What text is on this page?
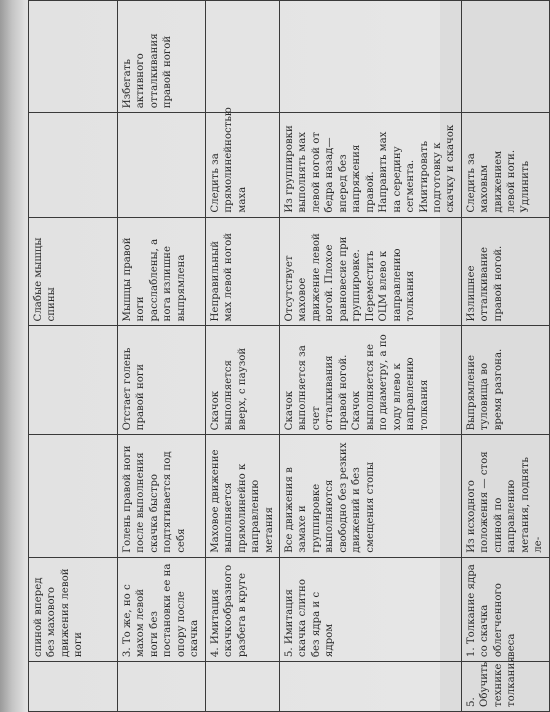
	спиной вперед без махового движения левой ноги			Слабые мышцы спины		
	3. То же, но с махом левой ноги без постановки ее на опору после скачка	Голень правой ноги после выполнения скачка быстро подтягивается под себя	Отстает голень правой ноги	Мышцы правой ноги расслаблены, а нога излишне выпрямлена		Избегать активного отталкивания правой ногой
	4. Имитация скачкообразного разбега в круге	Маховое движение выполняется прямолинейно к направлению метания	Скачок выполняется вверх, с паузой	Неправильный мах левой ногой	Следить за прямолинейностью маха	
	5. Имитация скачка слитно без ядра и с ядром	Все движения в замахе и группировке выполняются свободно без резких движений и без смещения стопы	Скачок выполняется за счет отталкивания правой ногой. Скачок выполняется не по диаметру, а по ходу влево к направлению толкания	Отсутствует маховое движение левой ногой. Плохое равновесие при группировке. Переместить ОЦМ влево к направлению толкания	Из группировки выполнять мах левой ногой от бедра назад—вперед без напряжения правой. Направить мах на середину сегмента. Имитировать подготовку к скачку и скачок	
5. Обучить технике толкания	1. Толкание ядра со скачка облегченного веса	Из исходного положения — стоя спиной по направлению метания, поднять ле-	Выпрямление туловища во время разгона.	Излишнее отталкивание правой ногой.	Следить за маховым движением левой ноги. Удлинить	
